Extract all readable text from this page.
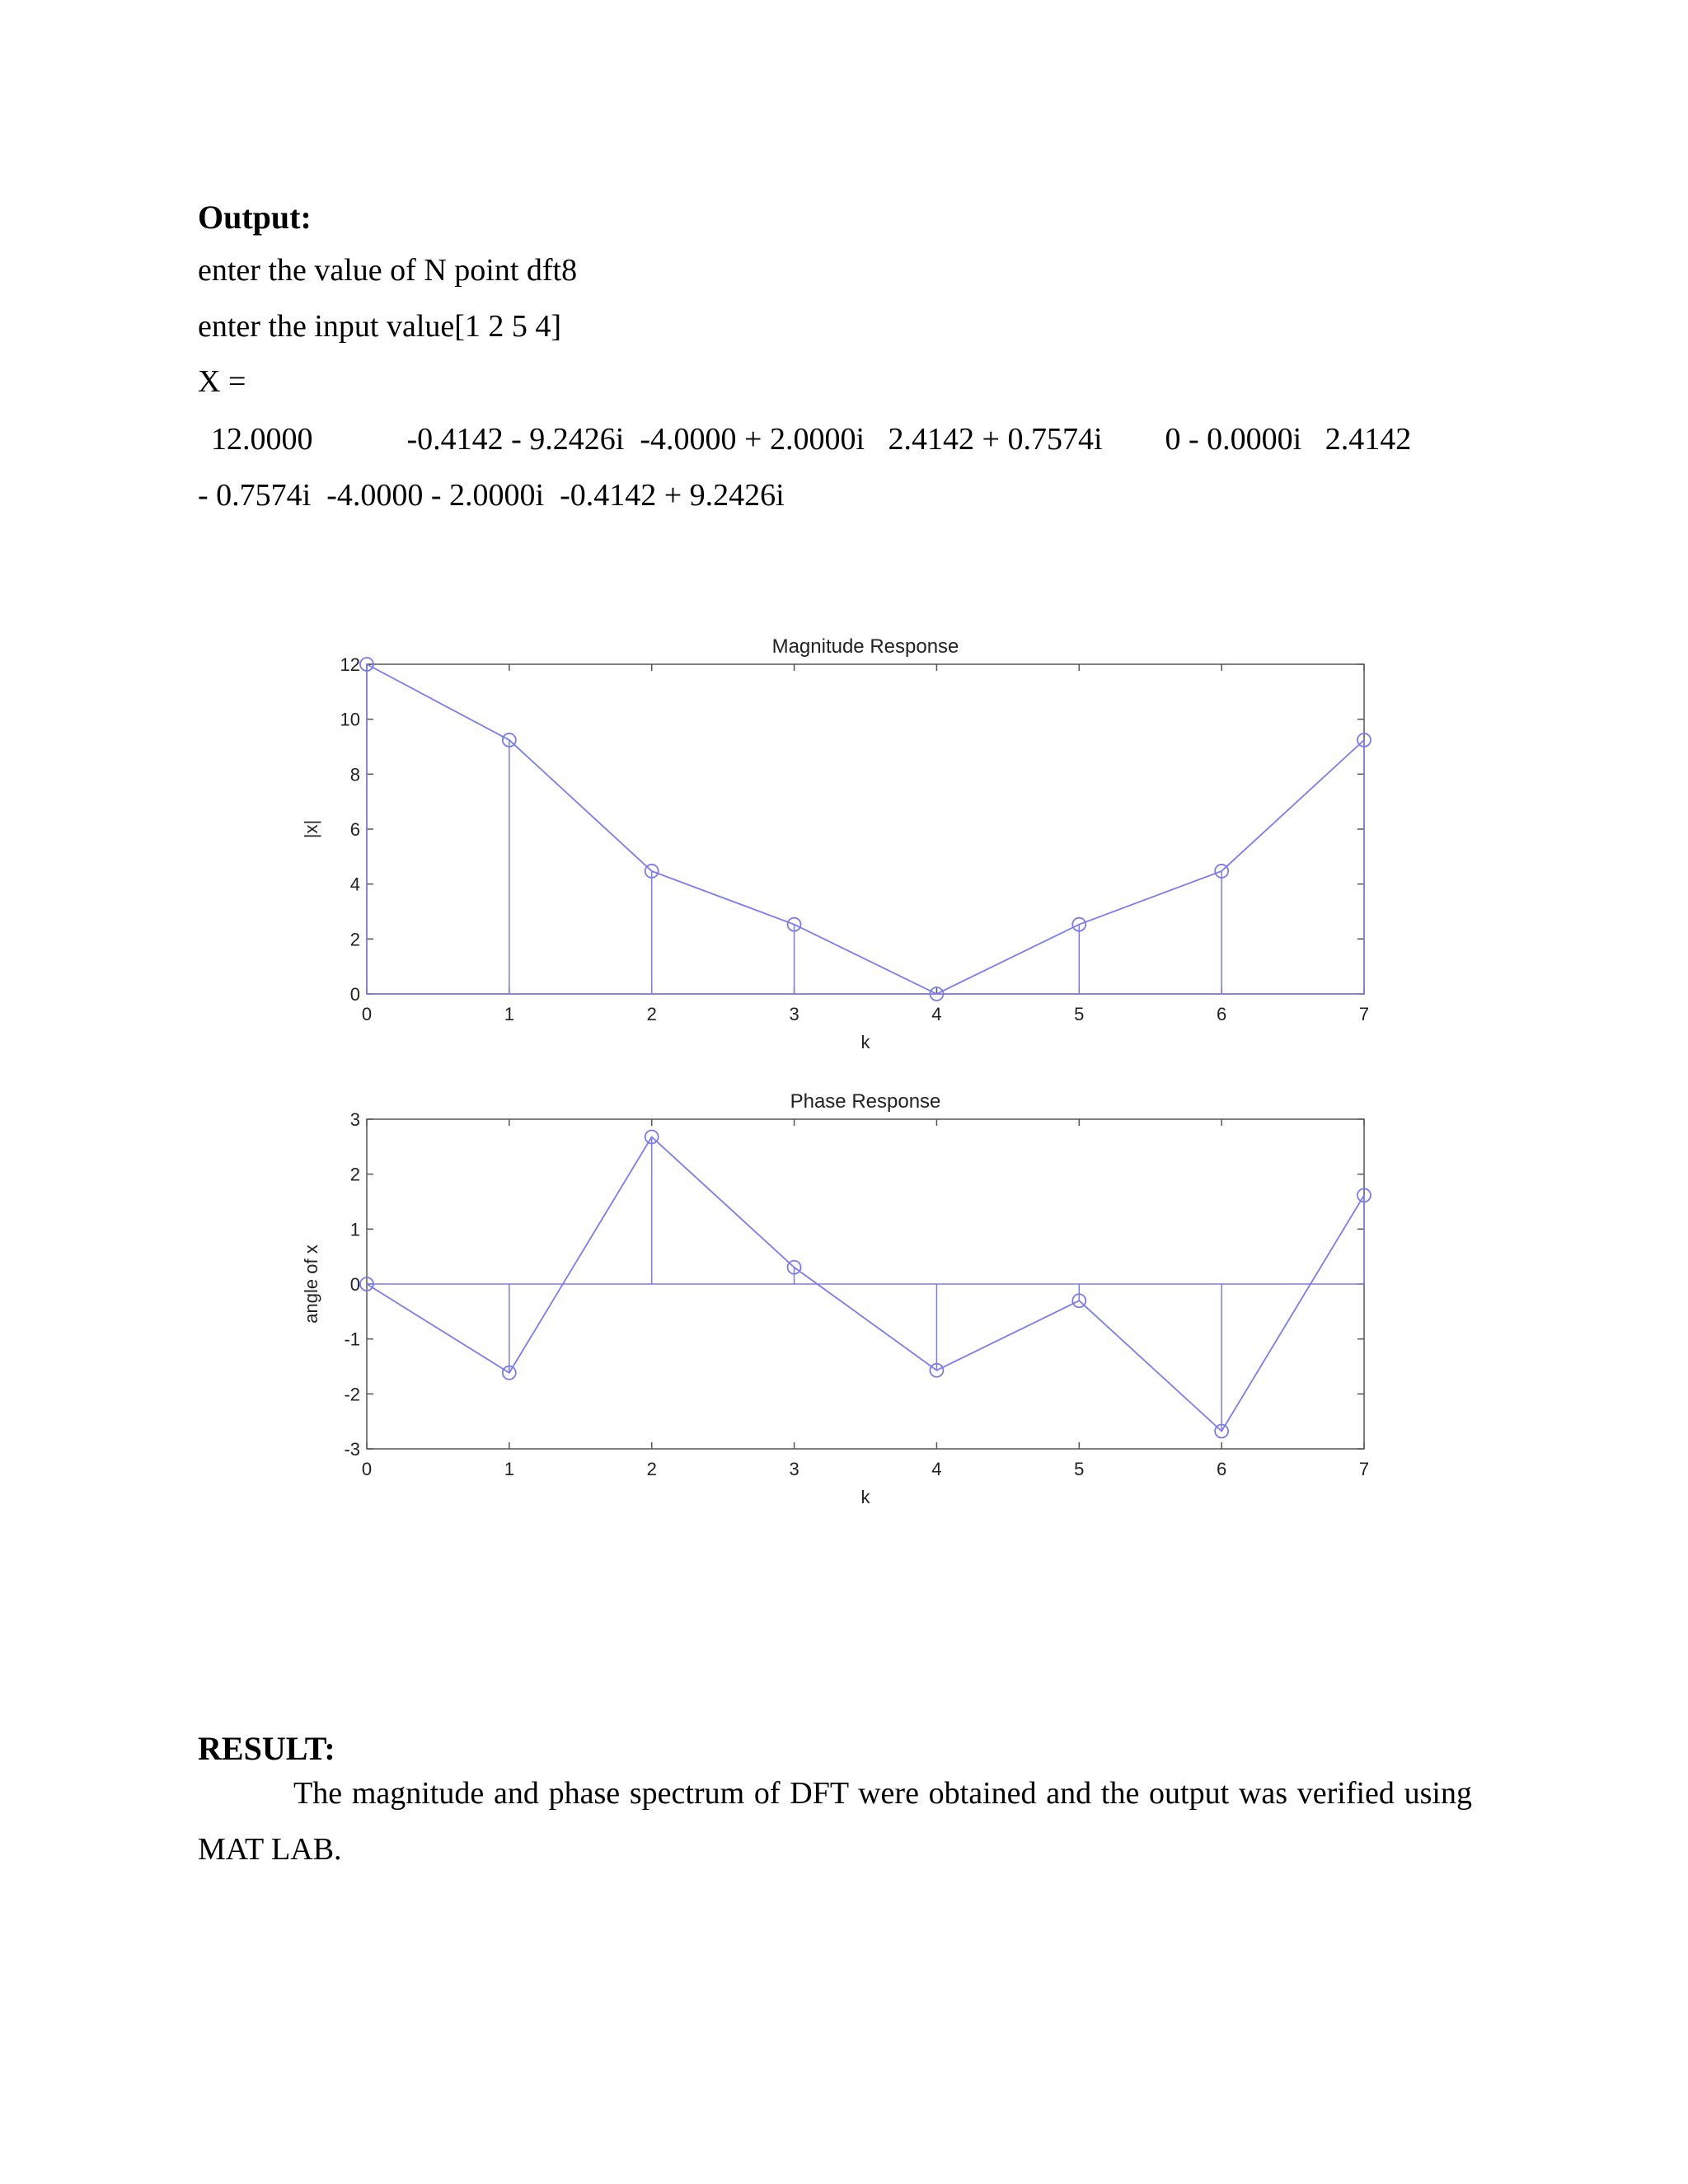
Output:
enter the value of N point dft8
enter the input value[1 2 5 4]
X =
12.0000            -0.4142 - 9.2426i  -4.0000 + 2.0000i   2.4142 + 0.7574i        0 - 0.0000i   2.4142
- 0.7574i  -4.0000 - 2.0000i  -0.4142 + 9.2426i
Magnitude Response
0	1	2	3	4	5	6	7
0
2
4
6
8
10
12
k
|x|
Phase Response
0	1	2	3	4	5	6	7
-3
-2
-1
0
1
2
3
k
angle of x
RESULT:
The magnitude and phase spectrum of DFT were obtained and the output was verified using MAT LAB.
